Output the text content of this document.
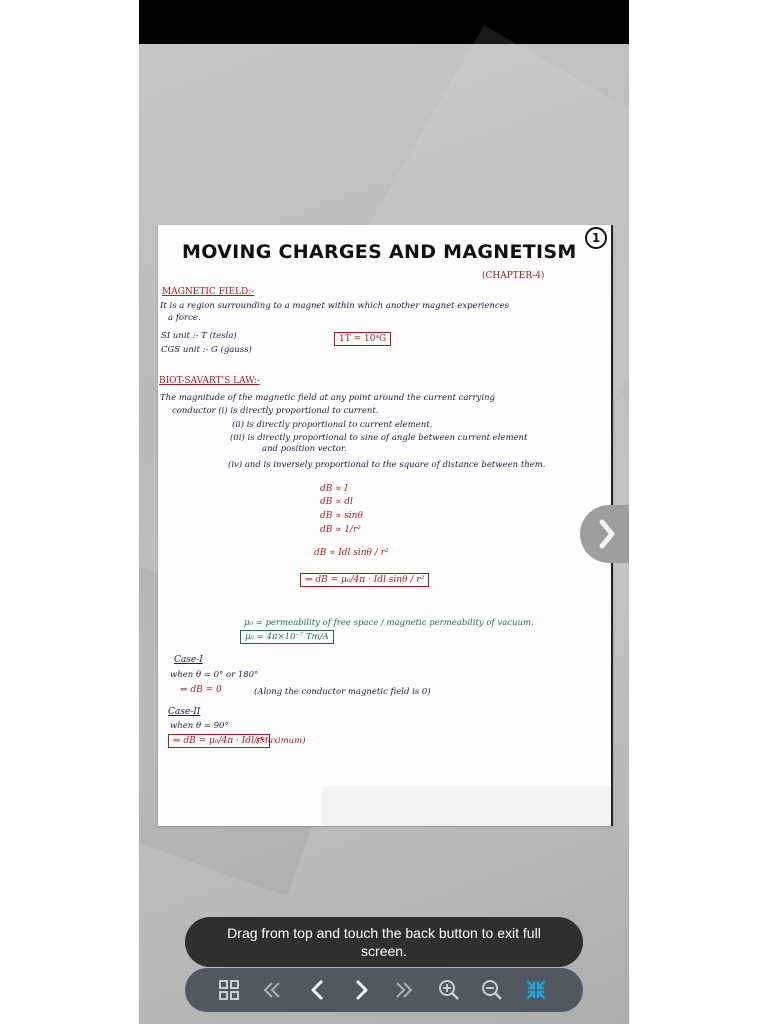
MOVING CHARGES AND MAGNETISM
1
(CHAPTER-4)
MAGNETIC FIELD:-
It is a region surrounding to a magnet within which another magnet experiences
a force.
SI unit :- T (tesla)
CGS unit :- G (gauss)
1T = 10⁴G
BIOT-SAVART'S LAW:-
The magnitude of the magnetic field at any point around the current carrying
conductor (i) is directly proportional to current.
(ii) is directly proportional to current element.
(iii) is directly proportional to sine of angle between current element
and position vector.
(iv) and is inversely proportional to the square of distance between them.
dB ∝ I
dB ∝ dl
dB ∝ sinθ
dB ∝ 1/r²
dB ∝ Idl sinθ / r²
⇒ dB = μ₀/4π · Idl sinθ / r²
μ₀ = permeability of free space / magnetic permeability of vacuum.
μ₀ = 4π×10⁻⁷ Tm/A
Case-I
when θ = 0° or 180°
⇒ dB = 0	(Along the conductor magnetic field is 0)
Case-II
when θ = 90°
⇒ dB = μ₀/4π · Idl/r²
(Maximum)
Drag from top and touch the back button to exit full screen.
